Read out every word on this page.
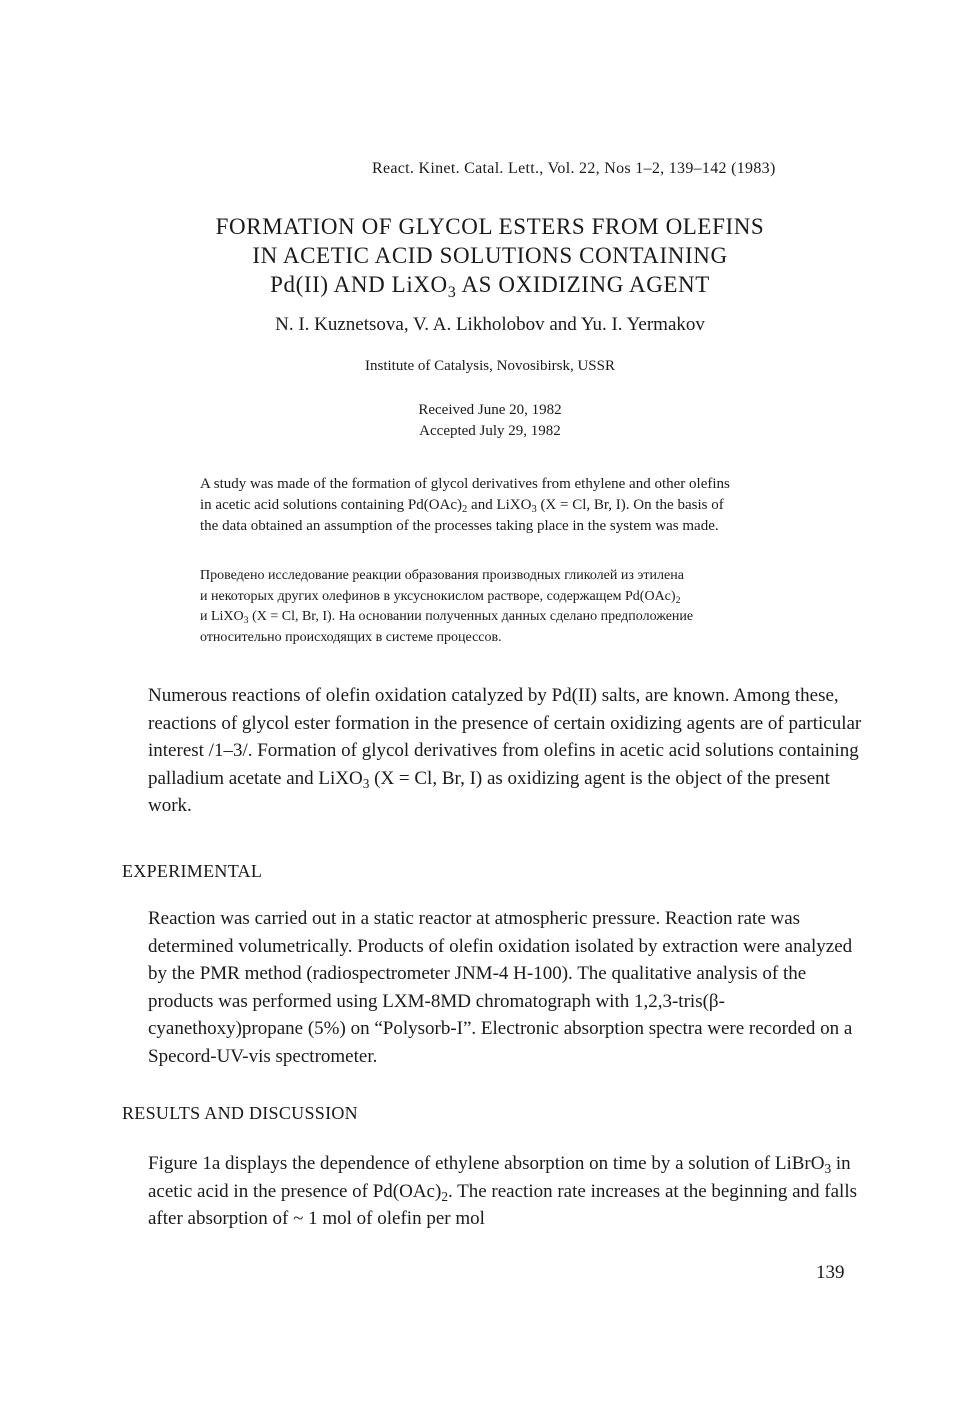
React. Kinet. Catal. Lett., Vol. 22, Nos 1–2, 139–142 (1983)
FORMATION OF GLYCOL ESTERS FROM OLEFINS
IN ACETIC ACID SOLUTIONS CONTAINING
Pd(II) AND LiXO$_3$ AS OXIDIZING AGENT
N. I. Kuznetsova, V. A. Likholobov and Yu. I. Yermakov
Institute of Catalysis, Novosibirsk, USSR
Received June 20, 1982
Accepted July 29, 1982
A study was made of the formation of glycol derivatives from ethylene and other olefins
in acetic acid solutions containing $Pd(OAc)_2$ and LiXO$_3$ (X = Cl, Br, I). On the basis of
the data obtained an assumption of the processes taking place in the system was made.
Проведено исследование реакции образования производных гликолей из этилена
и некоторых других олефинов в уксуснокислом растворе, содержащем $Pd(OAc)_2$
и LiXO$_3$ (X = Cl, Br, I). На основании полученных данных сделано предположение
относительно происходящих в системе процессов.

Numerous reactions of olefin oxidation catalyzed by Pd(II) salts, are known. Among these, reactions of glycol ester formation in the presence of certain oxidizing agents are of particular interest /1–3/. Formation of glycol derivatives from olefins in acetic acid solutions containing palladium acetate and LiXO$_3$ (X = Cl, Br, I) as oxidizing agent is the object of the present work.

EXPERIMENTAL

Reaction was carried out in a static reactor at atmospheric pressure. Reaction rate was determined volumetrically. Products of olefin oxidation isolated by extraction were analyzed by the PMR method (radiospectrometer JNM-4 H-100). The qualitative analysis of the products was performed using LXM-8MD chromatograph with 1,2,3-tris(β-cyanethoxy)propane (5%) on “Polysorb-I”. Electronic absorption spectra were recorded on a Specord-UV-vis spectrometer.

RESULTS AND DISCUSSION

Figure 1a displays the dependence of ethylene absorption on time by a solution of LiBrO$_3$ in acetic acid in the presence of $Pd(OAc)_2$. The reaction rate increases at the beginning and falls after absorption of ~ 1 mol of olefin per mol

139
